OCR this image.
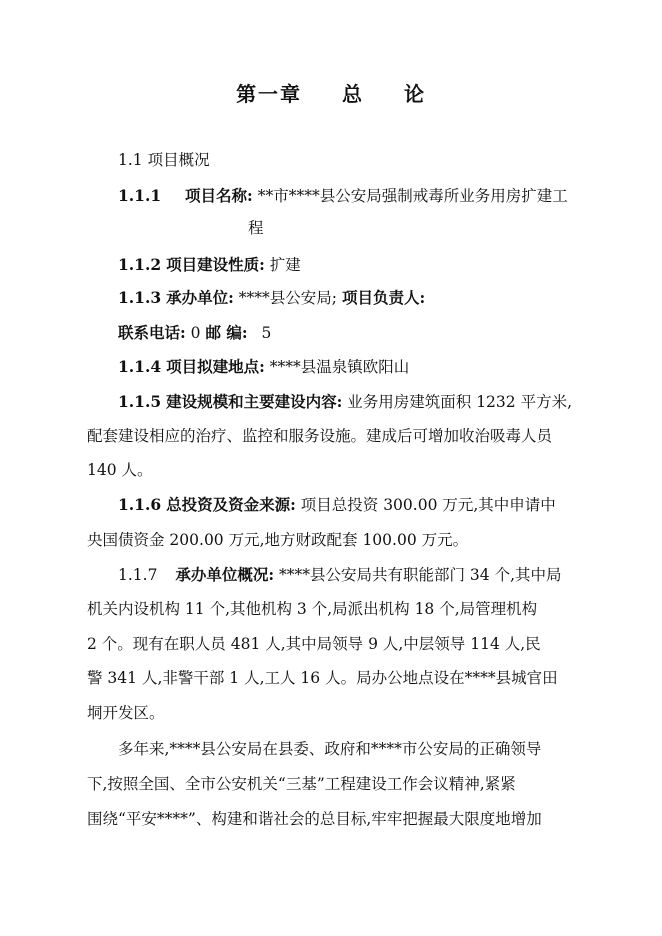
第一章 总 论
1.1 项目概况
1.1.1 项目名称: **市****县公安局强制戒毒所业务用房扩建工
程
1.1.2 项目建设性质: 扩建
1.1.3 承办单位: ****县公安局; 项目负责人:
联系电话: 0 邮 编: 5
1.1.4 项目拟建地点: ****县温泉镇欧阳山
1.1.5 建设规模和主要建设内容: 业务用房建筑面积 1232 平方米,
配套建设相应的治疗、监控和服务设施。建成后可增加收治吸毒人员
140 人。
1.1.6 总投资及资金来源: 项目总投资 300.00 万元,其中申请中
央国债资金 200.00 万元,地方财政配套 100.00 万元。
1.1.7 承办单位概况: ****县公安局共有职能部门 34 个,其中局
机关内设机构 11 个,其他机构 3 个,局派出机构 18 个,局管理机构
2 个。现有在职人员 481 人,其中局领导 9 人,中层领导 114 人,民
警 341 人,非警干部 1 人,工人 16 人。局办公地点设在****县城官田
垌开发区。
多年来,****县公安局在县委、政府和****市公安局的正确领导
下,按照全国、全市公安机关“三基”工程建设工作会议精神,紧紧
围绕“平安****”、构建和谐社会的总目标,牢牢把握最大限度地增加
